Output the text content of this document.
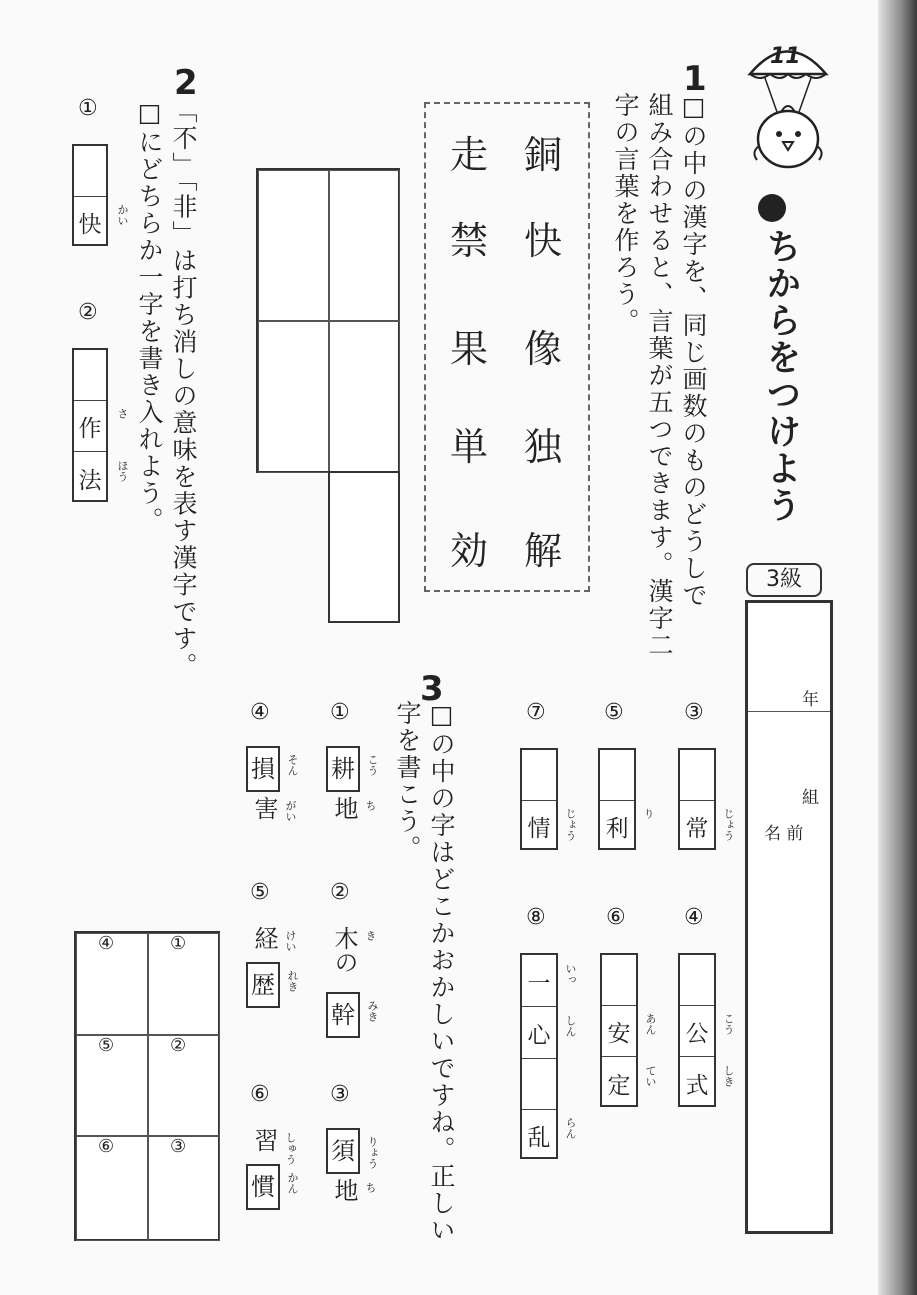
11
ちからをつけよう
3級
年
組
名 前
1
□の中の漢字を、同じ画数のものどうしで
組み合わせると、言葉が五つできます。漢字二
字の言葉を作ろう。
銅
快
像
独
解
走
禁
果
単
効
2
「不」「非」は打ち消しの意味を表す漢字です。
□にどちらか一字を書き入れよう。
①
快	かい
②
作
法
さ
ほう
③
常	じょう
④
公
式
こう
しき
⑤
利
り
⑥
安
定
あん
てい
⑦
情	じょう
⑧
一
心
乱
いっ
しん
らん
3
□の中の字はどこかおかしいですね。正しい
字を書こう。
①
耕	こう
地 ち
②
木の き
幹	みき
③
須	りょう
地 ち
④
損	そん
害 がい
⑤
経 けい
歴	れき
⑥
習 しゅう
慣	かん
④	①
⑤	②
⑥	③
